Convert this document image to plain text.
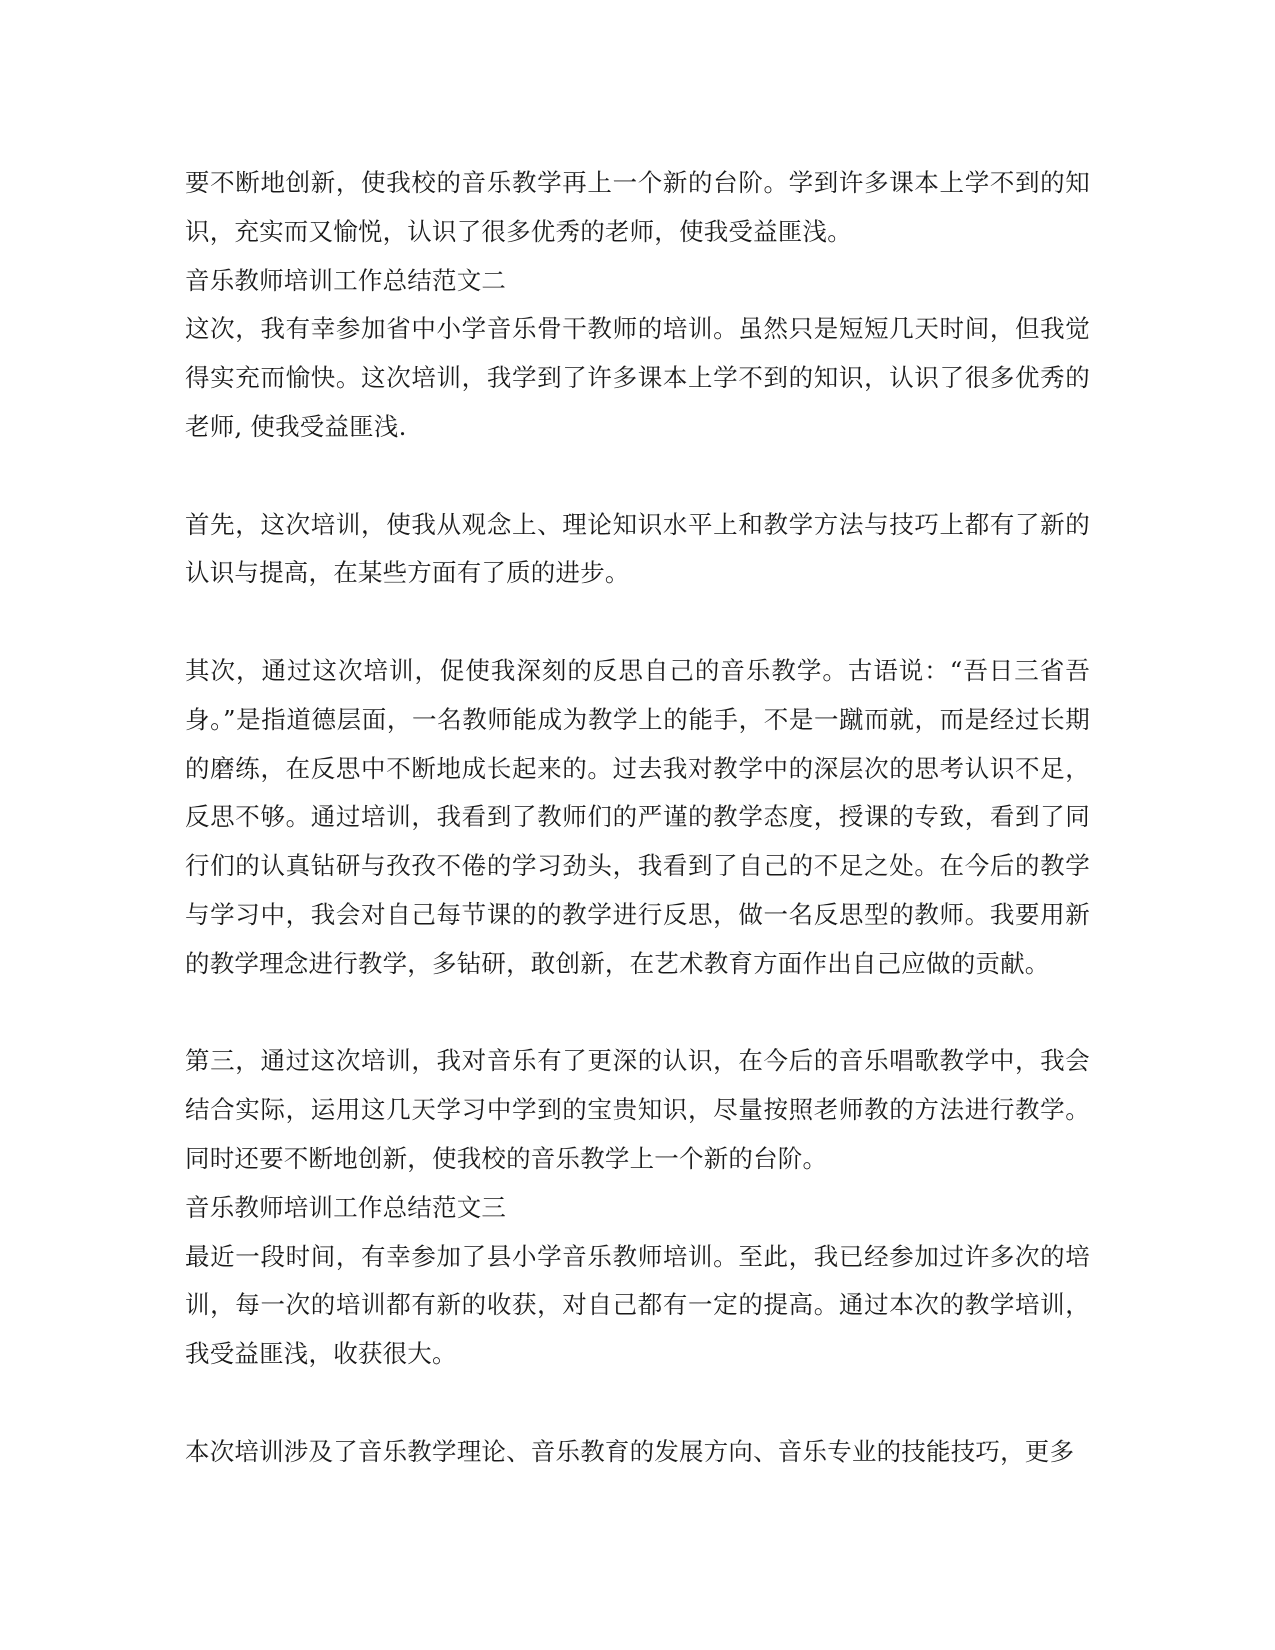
要不断地创新，使我校的音乐教学再上一个新的台阶。学到许多课本上学不到的知识，充实而又愉悦，认识了很多优秀的老师，使我受益匪浅。

音乐教师培训工作总结范文二

这次，我有幸参加省中小学音乐骨干教师的培训。虽然只是短短几天时间，但我觉得实充而愉快。这次培训，我学到了许多课本上学不到的知识，认识了很多优秀的老师, 使我受益匪浅.

首先，这次培训，使我从观念上、理论知识水平上和教学方法与技巧上都有了新的认识与提高，在某些方面有了质的进步。

其次，通过这次培训，促使我深刻的反思自己的音乐教学。古语说：“吾日三省吾身。”是指道德层面，一名教师能成为教学上的能手，不是一蹴而就，而是经过长期的磨练，在反思中不断地成长起来的。过去我对教学中的深层次的思考认识不足，反思不够。通过培训，我看到了教师们的严谨的教学态度，授课的专致，看到了同行们的认真钻研与孜孜不倦的学习劲头，我看到了自己的不足之处。在今后的教学与学习中，我会对自己每节课的的教学进行反思，做一名反思型的教师。我要用新的教学理念进行教学，多钻研，敢创新，在艺术教育方面作出自己应做的贡献。

第三，通过这次培训，我对音乐有了更深的认识，在今后的音乐唱歌教学中，我会结合实际，运用这几天学习中学到的宝贵知识，尽量按照老师教的方法进行教学。同时还要不断地创新，使我校的音乐教学上一个新的台阶。

音乐教师培训工作总结范文三

最近一段时间，有幸参加了县小学音乐教师培训。至此，我已经参加过许多次的培训，每一次的培训都有新的收获，对自己都有一定的提高。通过本次的教学培训，我受益匪浅，收获很大。

本次培训涉及了音乐教学理论、音乐教育的发展方向、音乐专业的技能技巧，更多
